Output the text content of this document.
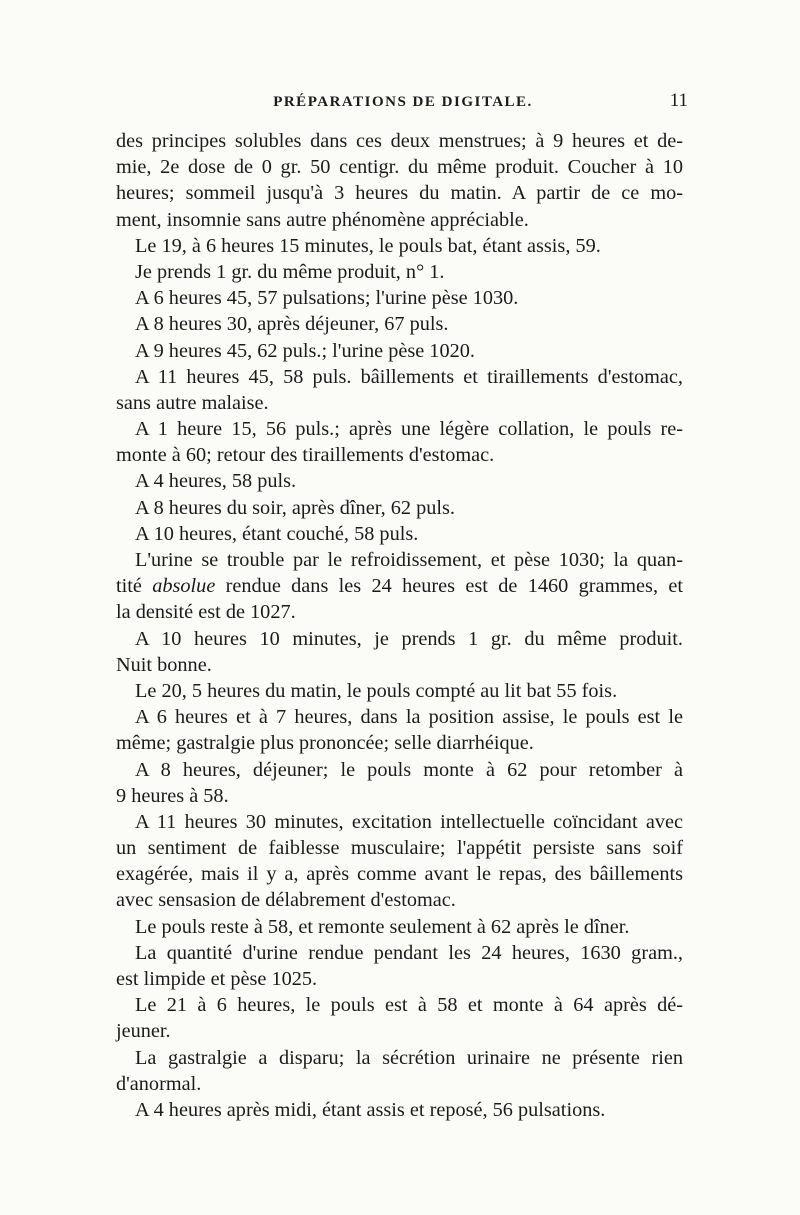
PRÉPARATIONS DE DIGITALE.	11
des principes solubles dans ces deux menstrues; à 9 heures et de-
mie, 2e dose de 0 gr. 50 centigr. du même produit. Coucher à 10
heures; sommeil jusqu'à 3 heures du matin. A partir de ce mo-
ment, insomnie sans autre phénomène appréciable.
Le 19, à 6 heures 15 minutes, le pouls bat, étant assis, 59.
Je prends 1 gr. du même produit, n° 1.
A 6 heures 45, 57 pulsations; l'urine pèse 1030.
A 8 heures 30, après déjeuner, 67 puls.
A 9 heures 45, 62 puls.; l'urine pèse 1020.
A 11 heures 45, 58 puls. bâillements et tiraillements d'estomac,
sans autre malaise.
A 1 heure 15, 56 puls.; après une légère collation, le pouls re-
monte à 60; retour des tiraillements d'estomac.
A 4 heures, 58 puls.
A 8 heures du soir, après dîner, 62 puls.
A 10 heures, étant couché, 58 puls.
L'urine se trouble par le refroidissement, et pèse 1030; la quan-
tité absolue rendue dans les 24 heures est de 1460 grammes, et
la densité est de 1027.
A 10 heures 10 minutes, je prends 1 gr. du même produit.
Nuit bonne.
Le 20, 5 heures du matin, le pouls compté au lit bat 55 fois.
A 6 heures et à 7 heures, dans la position assise, le pouls est le
même; gastralgie plus prononcée; selle diarrhéique.
A 8 heures, déjeuner; le pouls monte à 62 pour retomber à
9 heures à 58.
A 11 heures 30 minutes, excitation intellectuelle coïncidant avec
un sentiment de faiblesse musculaire; l'appétit persiste sans soif
exagérée, mais il y a, après comme avant le repas, des bâillements
avec sensasion de délabrement d'estomac.
Le pouls reste à 58, et remonte seulement à 62 après le dîner.
La quantité d'urine rendue pendant les 24 heures, 1630 gram.,
est limpide et pèse 1025.
Le 21 à 6 heures, le pouls est à 58 et monte à 64 après dé-
jeuner.
La gastralgie a disparu; la sécrétion urinaire ne présente rien
d'anormal.
A 4 heures après midi, étant assis et reposé, 56 pulsations.
